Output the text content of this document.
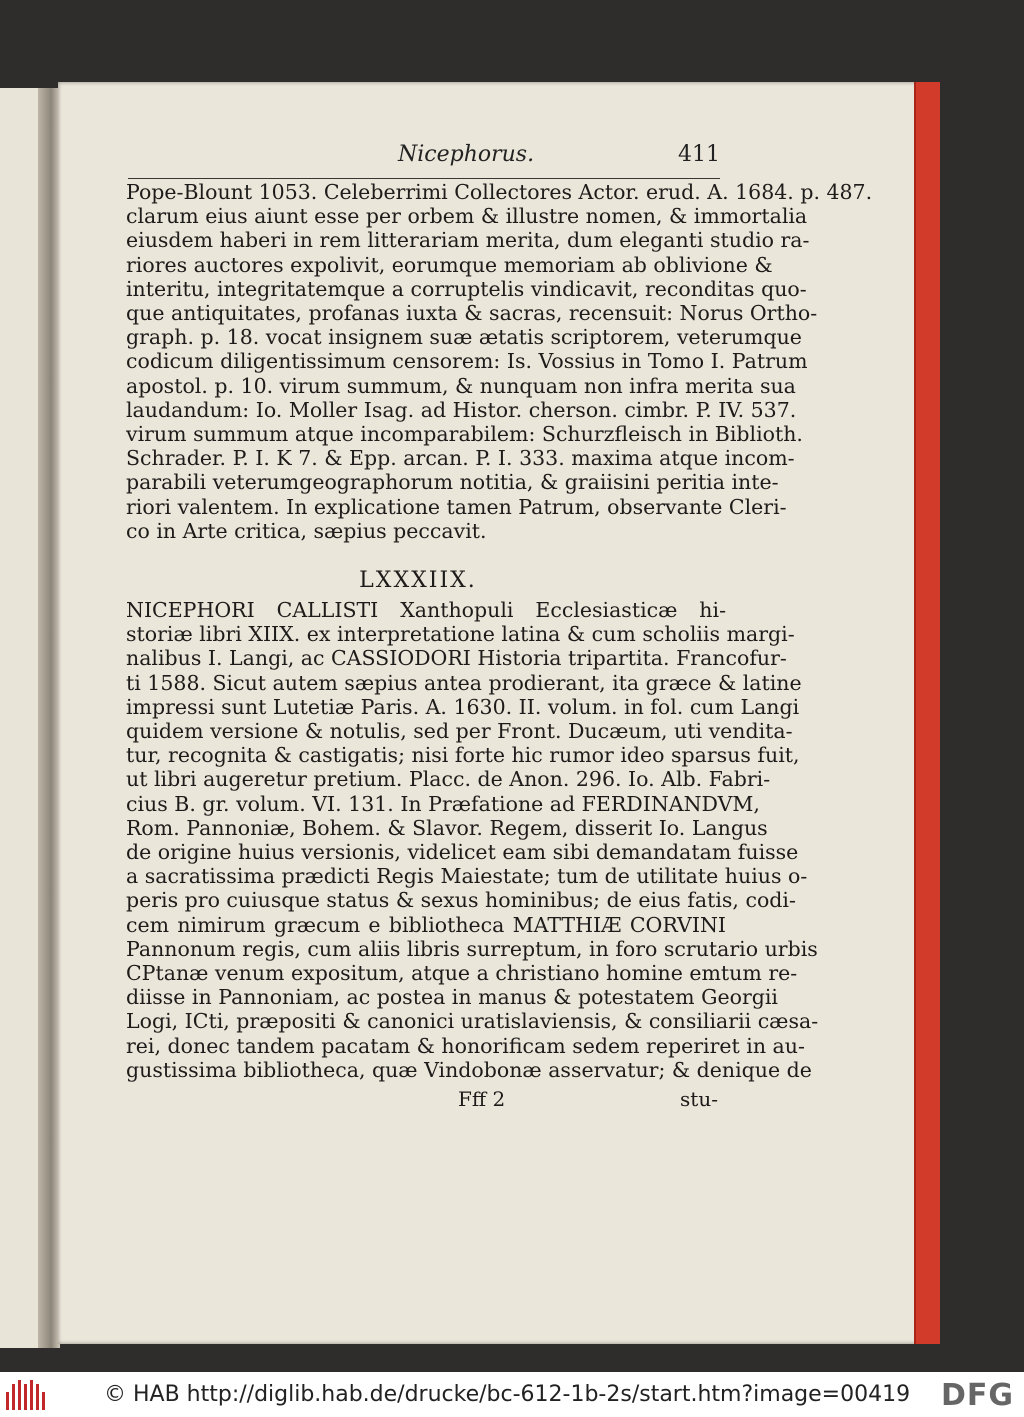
Nicephorus.	411
Pope-Blount 1053. Celeberrimi Collectores Actor. erud. A. 1684. p. 487.
clarum eius aiunt esse per orbem & illustre nomen, & immortalia
eiusdem haberi in rem litterariam merita, dum eleganti studio ra-
riores auctores expolivit, eorumque memoriam ab oblivione &
interitu, integritatemque a corruptelis vindicavit, reconditas quo-
que antiquitates, profanas iuxta & sacras, recensuit: Norus Ortho-
graph. p. 18. vocat insignem suæ ætatis scriptorem, veterumque
codicum diligentissimum censorem: Is. Vossius in Tomo I. Patrum
apostol. p. 10. virum summum, & nunquam non infra merita sua
laudandum: Io. Moller Isag. ad Histor. cherson. cimbr. P. IV. 537.
virum summum atque incomparabilem: Schurzfleisch in Biblioth.
Schrader. P. I. K 7. & Epp. arcan. P. I. 333. maxima atque incom-
parabili veterumgeographorum notitia, & graiisini peritia inte-
riori valentem. In explicatione tamen Patrum, observante Cleri-
co in Arte critica, sæpius peccavit.
LXXXIIX.
NICEPHORI CALLISTI Xanthopuli Ecclesiasticæ hi-
storiæ libri XIIX. ex interpretatione latina & cum scholiis margi-
nalibus I. Langi, ac CASSIODORI Historia tripartita. Francofur-
ti 1588. Sicut autem sæpius antea prodierant, ita græce & latine
impressi sunt Lutetiæ Paris. A. 1630. II. volum. in fol. cum Langi
quidem versione & notulis, sed per Front. Ducæum, uti vendita-
tur, recognita & castigatis; nisi forte hic rumor ideo sparsus fuit,
ut libri augeretur pretium. Placc. de Anon. 296. Io. Alb. Fabri-
cius B. gr. volum. VI. 131. In Præfatione ad FERDINANDVM,
Rom. Pannoniæ, Bohem. & Slavor. Regem, disserit Io. Langus
de origine huius versionis, videlicet eam sibi demandatam fuisse
a sacratissima prædicti Regis Maiestate; tum de utilitate huius o-
peris pro cuiusque status & sexus hominibus; de eius fatis, codi-
cem nimirum græcum e bibliotheca MATTHIÆ CORVINI
Pannonum regis, cum aliis libris surreptum, in foro scrutario urbis
CPtanæ venum expositum, atque a christiano homine emtum re-
diisse in Pannoniam, ac postea in manus & potestatem Georgii
Logi, ICti, præpositi & canonici uratislaviensis, & consiliarii cæsa-
rei, donec tandem pacatam & honorificam sedem reperiret in au-
gustissima bibliotheca, quæ Vindobonæ asservatur; & denique de
Fff 2	stu-
© HAB http://diglib.hab.de/drucke/bc-612-1b-2s/start.htm?image=00419 DFG
